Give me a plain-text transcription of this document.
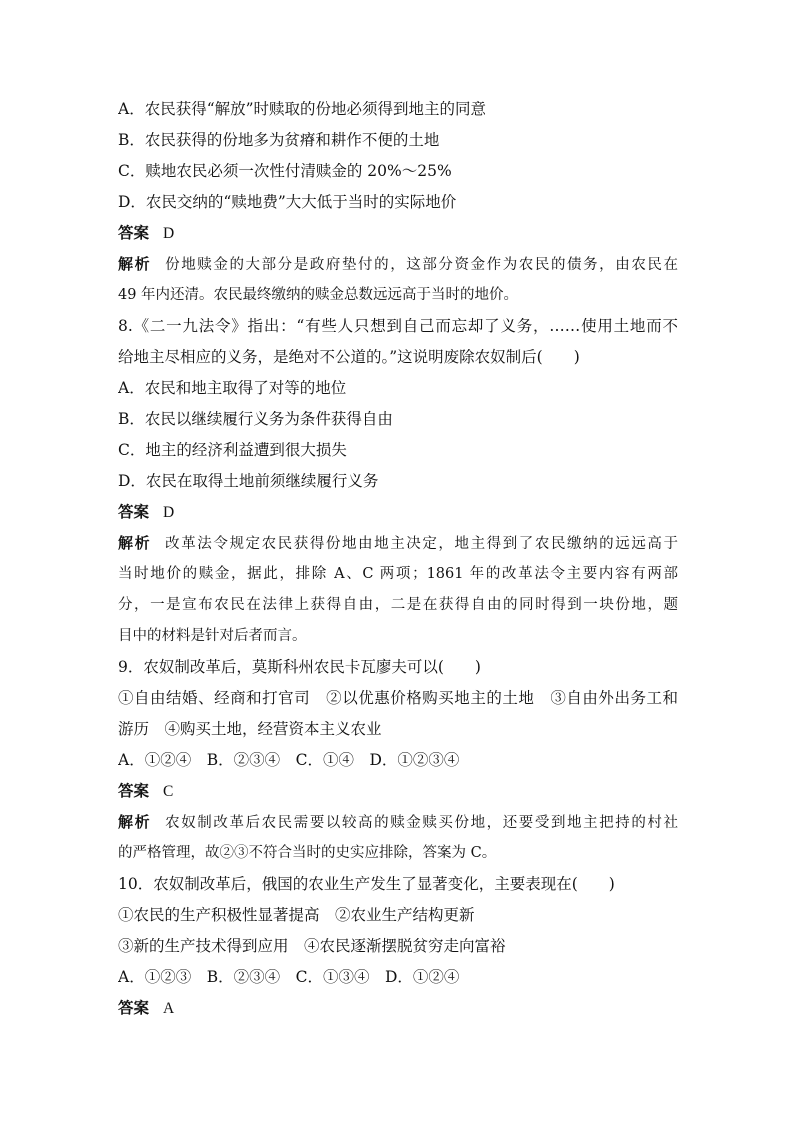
A．农民获得“解放”时赎取的份地必须得到地主的同意
B．农民获得的份地多为贫瘠和耕作不便的土地
C．赎地农民必须一次性付清赎金的 20%～25%
D．农民交纳的“赎地费”大大低于当时的实际地价
答案 D
解析 份地赎金的大部分是政府垫付的，这部分资金作为农民的债务，由农民在
49 年内还清。农民最终缴纳的赎金总数远远高于当时的地价。
8.《二一九法令》指出：“有些人只想到自己而忘却了义务，……使用土地而不
给地主尽相应的义务，是绝对不公道的。”这说明废除农奴制后(　　)
A．农民和地主取得了对等的地位
B．农民以继续履行义务为条件获得自由
C．地主的经济利益遭到很大损失
D．农民在取得土地前须继续履行义务
答案 D
解析 改革法令规定农民获得份地由地主决定，地主得到了农民缴纳的远远高于
当时地价的赎金，据此，排除 A、C 两项；1861 年的改革法令主要内容有两部
分，一是宣布农民在法律上获得自由，二是在获得自由的同时得到一块份地，题
目中的材料是针对后者而言。
9．农奴制改革后，莫斯科州农民卡瓦廖夫可以(　　)
①自由结婚、经商和打官司　②以优惠价格购买地主的土地　③自由外出务工和
游历　④购买土地，经营资本主义农业
A．①②④　B．②③④　C．①④　D．①②③④
答案 C
解析 农奴制改革后农民需要以较高的赎金赎买份地，还要受到地主把持的村社
的严格管理，故②③不符合当时的史实应排除，答案为 C。
10．农奴制改革后，俄国的农业生产发生了显著变化，主要表现在(　　)
①农民的生产积极性显著提高　②农业生产结构更新
③新的生产技术得到应用　④农民逐渐摆脱贫穷走向富裕
A．①②③　B．②③④　C．①③④　D．①②④
答案 A
